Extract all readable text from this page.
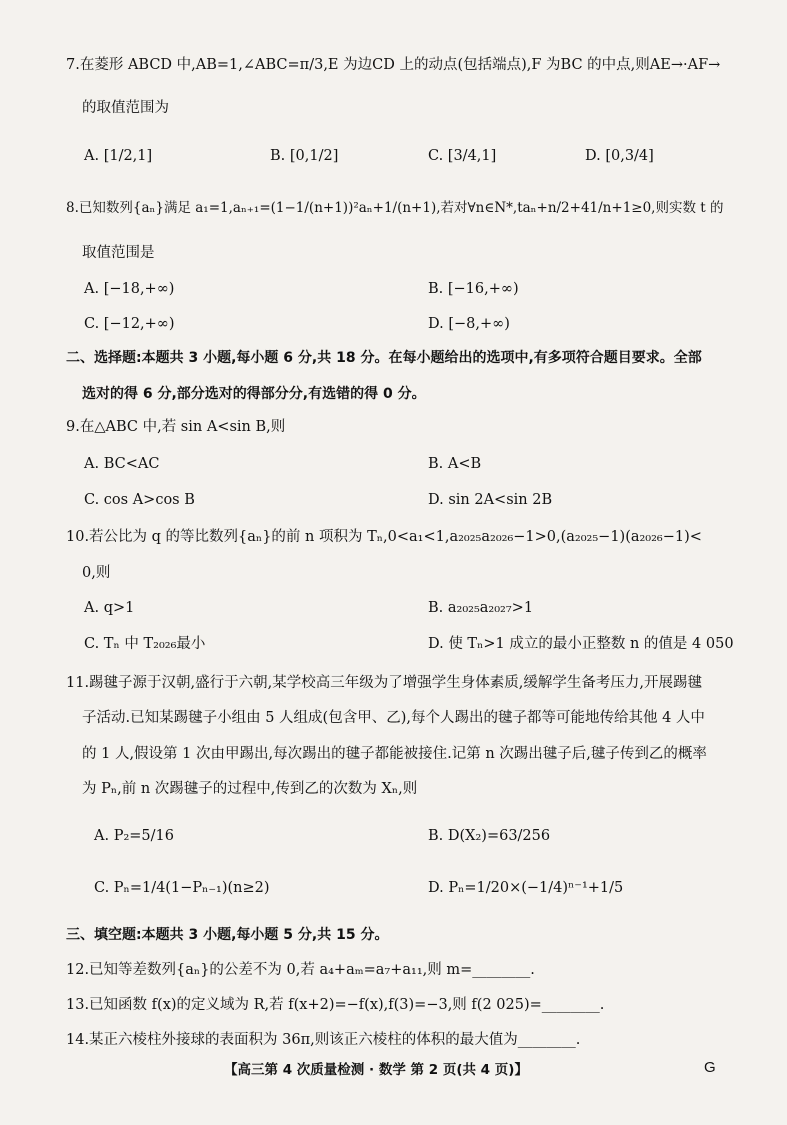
7.在菱形 ABCD 中,AB=1,∠ABC=π/3,E 为边CD 上的动点(包括端点),F 为BC 的中点,则AE→·AF→
的取值范围为
A. [1/2,1]	B. [0,1/2]	C. [3/4,1]	D. [0,3/4]
8.已知数列{aₙ}满足 a₁=1,aₙ₊₁=(1−1/(n+1))²aₙ+1/(n+1),若对∀n∈N*,taₙ+n/2+41/n+1≥0,则实数 t 的
取值范围是
A. [−18,+∞)	B. [−16,+∞)
C. [−12,+∞)	D. [−8,+∞)
二、选择题:本题共 3 小题,每小题 6 分,共 18 分。在每小题给出的选项中,有多项符合题目要求。全部
选对的得 6 分,部分选对的得部分分,有选错的得 0 分。
9.在△ABC 中,若 sin A<sin B,则
A. BC<AC	B. A<B
C. cos A>cos B	D. sin 2A<sin 2B
10.若公比为 q 的等比数列{aₙ}的前 n 项积为 Tₙ,0<a₁<1,a₂₀₂₅a₂₀₂₆−1>0,(a₂₀₂₅−1)(a₂₀₂₆−1)<
0,则
A. q>1	B. a₂₀₂₅a₂₀₂₇>1
C. Tₙ 中 T₂₀₂₆最小	D. 使 Tₙ>1 成立的最小正整数 n 的值是 4 050
11.踢毽子源于汉朝,盛行于六朝,某学校高三年级为了增强学生身体素质,缓解学生备考压力,开展踢毽
子活动.已知某踢毽子小组由 5 人组成(包含甲、乙),每个人踢出的毽子都等可能地传给其他 4 人中
的 1 人,假设第 1 次由甲踢出,每次踢出的毽子都能被接住.记第 n 次踢出毽子后,毽子传到乙的概率
为 Pₙ,前 n 次踢毽子的过程中,传到乙的次数为 Xₙ,则
A. P₂=5/16	B. D(X₂)=63/256
C. Pₙ=1/4(1−Pₙ₋₁)(n≥2)	D. Pₙ=1/20×(−1/4)ⁿ⁻¹+1/5
三、填空题:本题共 3 小题,每小题 5 分,共 15 分。
12.已知等差数列{aₙ}的公差不为 0,若 a₄+aₘ=a₇+a₁₁,则 m=________.
13.已知函数 f(x)的定义域为 R,若 f(x+2)=−f(x),f(3)=−3,则 f(2 025)=________.
14.某正六棱柱外接球的表面积为 36π,则该正六棱柱的体积的最大值为________.
【高三第 4 次质量检测 · 数学 第 2 页(共 4 页)】	G
